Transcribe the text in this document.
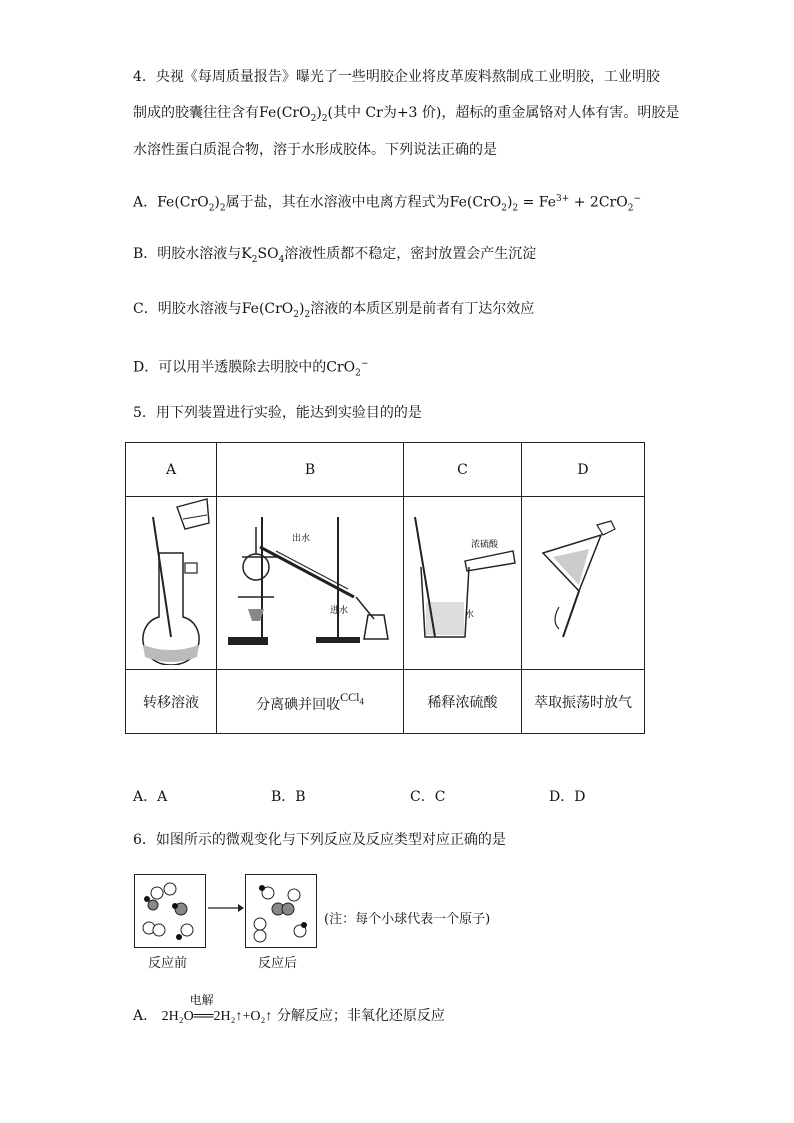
4．央视《每周质量报告》曝光了一些明胶企业将皮革废料熬制成工业明胶，工业明胶
制成的胶囊往往含有$Fe(CrO_2)_2$(其中 Cr为+3 价)，超标的重金属铬对人体有害。明胶是
水溶性蛋白质混合物，溶于水形成胶体。下列说法正确的是
A．$Fe(CrO_2)_2$属于盐，其在水溶液中电离方程式为$Fe(CrO_2)_2 = Fe^{3+} + 2CrO_2^-$
B．明胶水溶液与$K_2SO_4$溶液性质都不稳定，密封放置会产生沉淀
C．明胶水溶液与$Fe(CrO_2)_2$溶液的本质区别是前者有丁达尔效应
D．可以用半透膜除去明胶中的CrO$_2$−
5．用下列装置进行实验，能达到实验目的的是
A	B	C	D

出水
进水	浓硫酸
水

转移溶液	分离碘并回收CCl$_4$	稀释浓硫酸	萃取振荡时放气
A．A	B．B	C．C	D．D
6．如图所示的微观变化与下列反应及反应类型对应正确的是
(注：每个小球代表一个原子)
反应前	反应后
A．
电解
2H₂O══2H₂↑+O₂↑ 分解反应；非氧化还原反应
